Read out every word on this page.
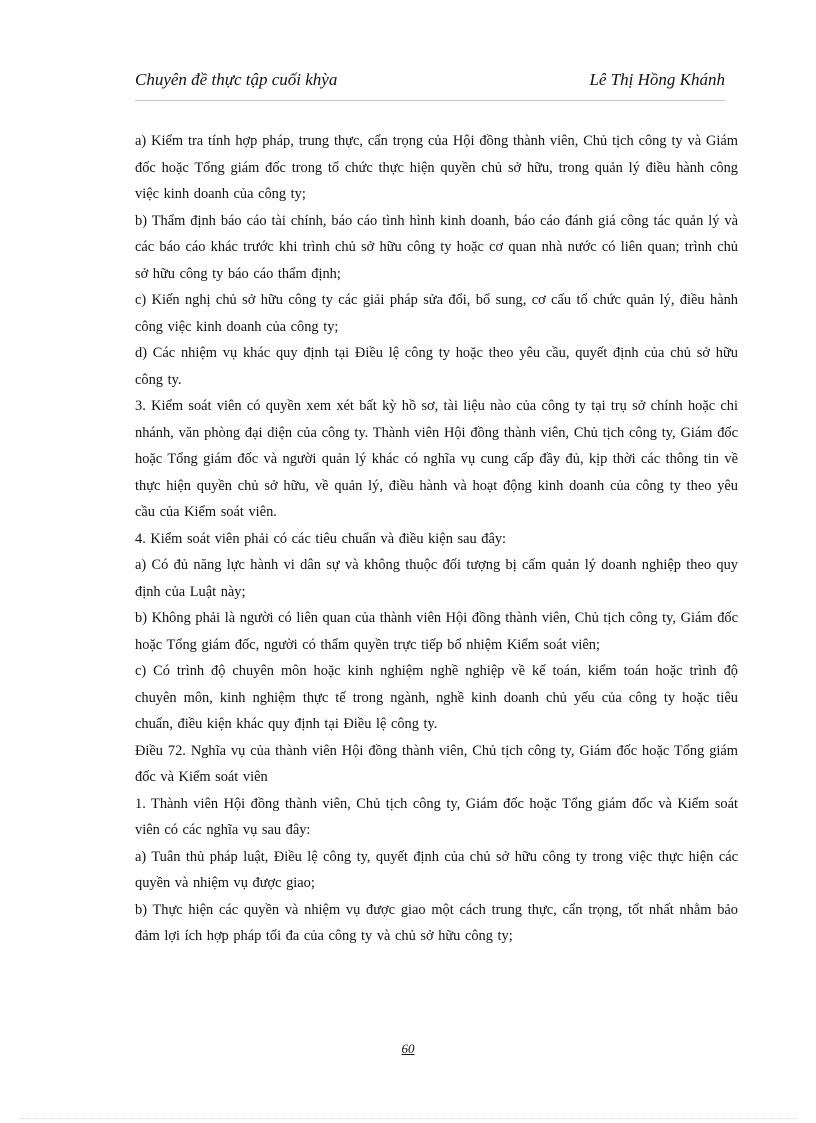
Chuyên đề thực tập cuối khỳa	Lê Thị Hồng Khánh

a) Kiểm tra tính hợp pháp, trung thực, cẩn trọng của Hội đồng thành viên, Chủ tịch công ty và Giám đốc hoặc Tổng giám đốc trong tổ chức thực hiện quyền chủ sở hữu, trong quản lý điều hành công việc kinh doanh của công ty;

b) Thẩm định báo cáo tài chính, báo cáo tình hình kinh doanh, báo cáo đánh giá công tác quản lý và các báo cáo khác trước khi trình chủ sở hữu công ty hoặc cơ quan nhà nước có liên quan; trình chủ sở hữu công ty báo cáo thẩm định;

c) Kiến nghị chủ sở hữu công ty các giải pháp sửa đổi, bổ sung, cơ cấu tổ chức quản lý, điều hành công việc kinh doanh của công ty;

d) Các nhiệm vụ khác quy định tại Điều lệ công ty hoặc theo yêu cầu, quyết định của chủ sở hữu công ty.

3. Kiểm soát viên có quyền xem xét bất kỳ hồ sơ, tài liệu nào của công ty tại trụ sở chính hoặc chi nhánh, văn phòng đại diện của công ty. Thành viên Hội đồng thành viên, Chủ tịch công ty, Giám đốc hoặc Tổng giám đốc và người quản lý khác có nghĩa vụ cung cấp đầy đủ, kịp thời các thông tin về thực hiện quyền chủ sở hữu, về quản lý, điều hành và hoạt động kinh doanh của công ty theo yêu cầu của Kiểm soát viên.

4. Kiểm soát viên phải có các tiêu chuẩn và điều kiện sau đây:

a) Có đủ năng lực hành vi dân sự và không thuộc đối tượng bị cấm quản lý doanh nghiệp theo quy định của Luật này;

b) Không phải là người có liên quan của thành viên Hội đồng thành viên, Chủ tịch công ty, Giám đốc hoặc Tổng giám đốc, người có thẩm quyền trực tiếp bổ nhiệm Kiểm soát viên;

c) Có trình độ chuyên môn hoặc kinh nghiệm nghề nghiệp về kế toán, kiểm toán hoặc trình độ chuyên môn, kinh nghiệm thực tế trong ngành, nghề kinh doanh chủ yếu của công ty hoặc tiêu chuẩn, điều kiện khác quy định tại Điều lệ công ty.

Điều 72. Nghĩa vụ của thành viên Hội đồng thành viên, Chủ tịch công ty, Giám đốc hoặc Tổng giám đốc và Kiểm soát viên

1. Thành viên Hội đồng thành viên, Chủ tịch công ty, Giám đốc hoặc Tổng giám đốc và Kiểm soát viên có các nghĩa vụ sau đây:

a) Tuân thủ pháp luật, Điều lệ công ty, quyết định của chủ sở hữu công ty trong việc thực hiện các quyền và nhiệm vụ được giao;

b) Thực hiện các quyền và nhiệm vụ được giao một cách trung thực, cẩn trọng, tốt nhất nhằm bảo đảm lợi ích hợp pháp tối đa của công ty và chủ sở hữu công ty;

60
